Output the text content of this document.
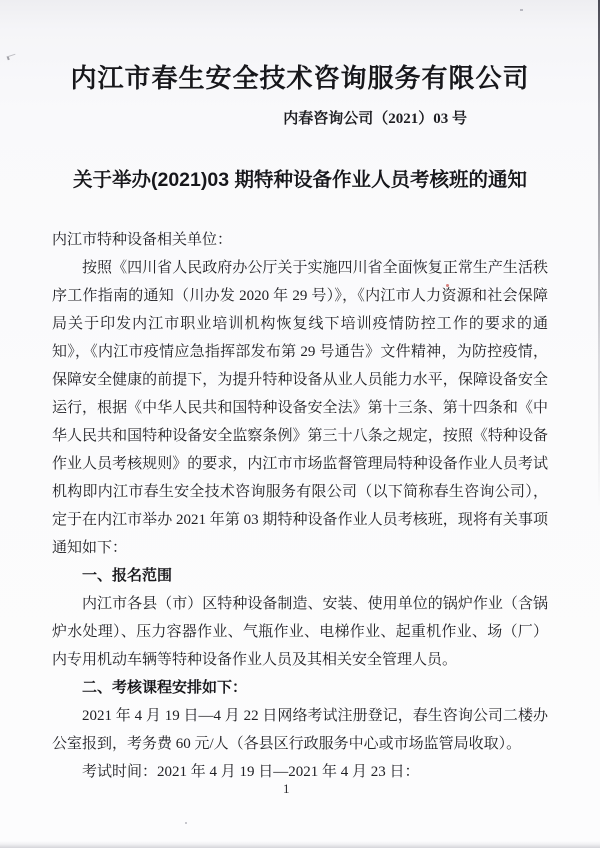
内江市春生安全技术咨询服务有限公司
内春咨询公司（2021）03 号
关于举办(2021)03 期特种设备作业人员考核班的通知

内江市特种设备相关单位：

按照《四川省人民政府办公厅关于实施四川省全面恢复正常生产生活秩序工作指南的通知（川办发 2020 年 29 号）》，《内江市人力资源和社会保障局关于印发内江市职业培训机构恢复线下培训疫情防控工作的要求的通知》，《内江市疫情应急指挥部发布第 29 号通告》文件精神，为防控疫情，保障安全健康的前提下，为提升特种设备从业人员能力水平，保障设备安全运行，根据《中华人民共和国特种设备安全法》第十三条、第十四条和《中华人民共和国特种设备安全监察条例》第三十八条之规定，按照《特种设备作业人员考核规则》的要求，内江市市场监督管理局特种设备作业人员考试机构即内江市春生安全技术咨询服务有限公司（以下简称春生咨询公司），定于在内江市举办 2021 年第 03 期特种设备作业人员考核班，现将有关事项通知如下：

一、报名范围

内江市各县（市）区特种设备制造、安装、使用单位的锅炉作业（含锅炉水处理）、压力容器作业、气瓶作业、电梯作业、起重机作业、场（厂）内专用机动车辆等特种设备作业人员及其相关安全管理人员。

二、考核课程安排如下：

2021 年 4 月 19 日—4 月 22 日网络考试注册登记，春生咨询公司二楼办公室报到，考务费 60 元/人（各县区行政服务中心或市场监管局收取）。

考试时间：2021 年 4 月 19 日—2021 年 4 月 23 日：

1
